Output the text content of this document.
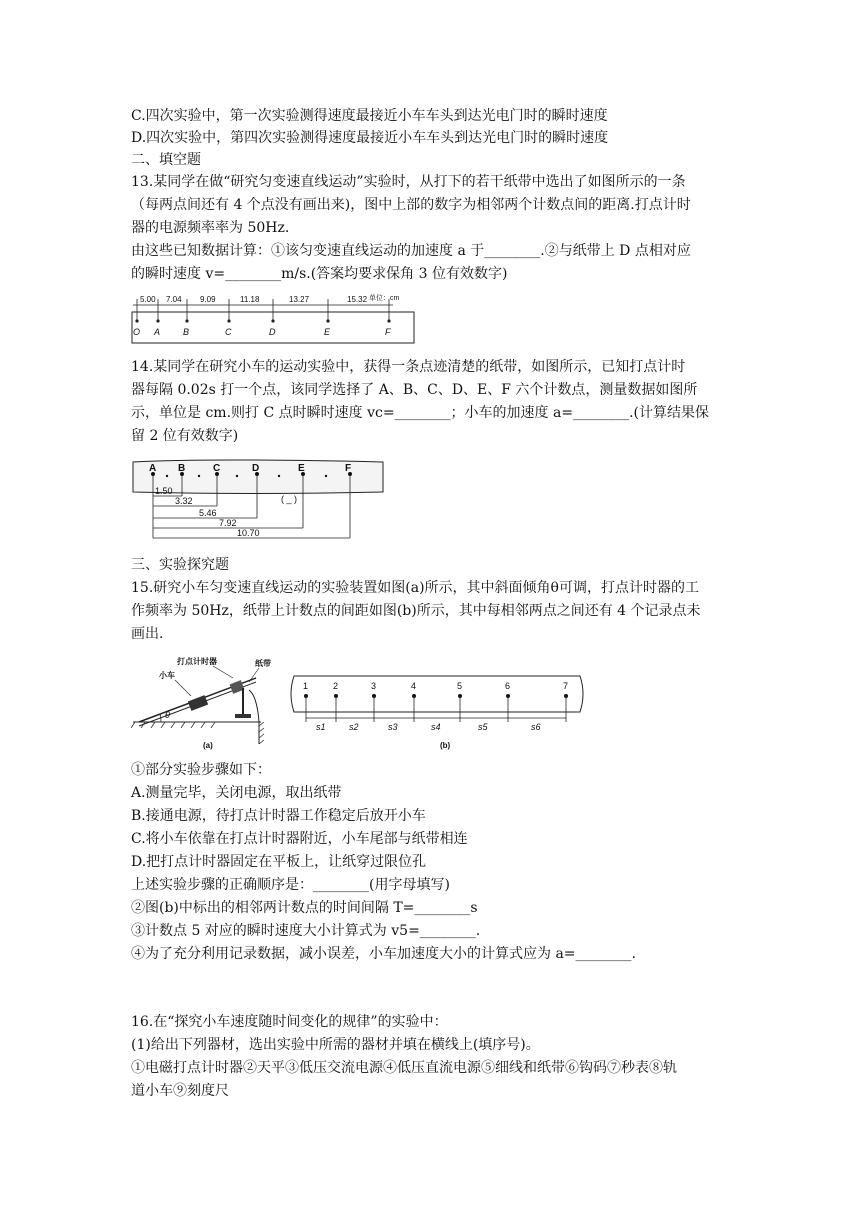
C.四次实验中，第一次实验测得速度最接近小车车头到达光电门时的瞬时速度
D.四次实验中，第四次实验测得速度最接近小车车头到达光电门时的瞬时速度
二、填空题
13.某同学在做“研究匀变速直线运动”实验时，从打下的若干纸带中选出了如图所示的一条
（每两点间还有 4 个点没有画出来)，图中上部的数字为相邻两个计数点间的距离.打点计时
器的电源频率率为 50Hz.
由这些已知数据计算：①该匀变速直线运动的加速度 a 于________.②与纸带上 D 点相对应
的瞬时速度 v=________m/s.(答案均要求保角 3 位有效数字)
5.00 7.04 9.09	11.18	13.27	15.32 单位：cm
O A	B	C	D	E	F
14.某同学在研究小车的运动实验中，获得一条点迹清楚的纸带，如图所示，已知打点计时
器每隔 0.02s 打一个点，该同学选择了 A、B、C、D、E、F 六个计数点，测量数据如图所
示，单位是 cm.则打 C 点时瞬时速度 vc=________；小车的加速度 a=________.(计算结果保
留 2 位有效数字)
A B	C	D	E	F
1.50
3.32
5.46
7.92
10.70
( _ )
三、实验探究题
15.研究小车匀变速直线运动的实验装置如图(a)所示，其中斜面倾角θ可调，打点计时器的工
作频率为 50Hz，纸带上计数点的间距如图(b)所示，其中每相邻两点之间还有 4 个记录点未
画出.
θ
打点计时器
小车
纸带
(a)
1	2	3	4	5	6	7
s1	s2	s3	s4	s5	s6
(b)
①部分实验步骤如下：
A.测量完毕，关闭电源，取出纸带
B.接通电源，待打点计时器工作稳定后放开小车
C.将小车依靠在打点计时器附近，小车尾部与纸带相连
D.把打点计时器固定在平板上，让纸穿过限位孔
上述实验步骤的正确顺序是：________(用字母填写)
②图(b)中标出的相邻两计数点的时间间隔 T=________s
③计数点 5 对应的瞬时速度大小计算式为 v5=________.
④为了充分利用记录数据，减小误差，小车加速度大小的计算式应为 a=________.
16.在“探究小车速度随时间变化的规律”的实验中：
(1)给出下列器材，选出实验中所需的器材并填在横线上(填序号)。
①电磁打点计时器②天平③低压交流电源④低压直流电源⑤细线和纸带⑥钩码⑦秒表⑧轨
道小车⑨刻度尺
